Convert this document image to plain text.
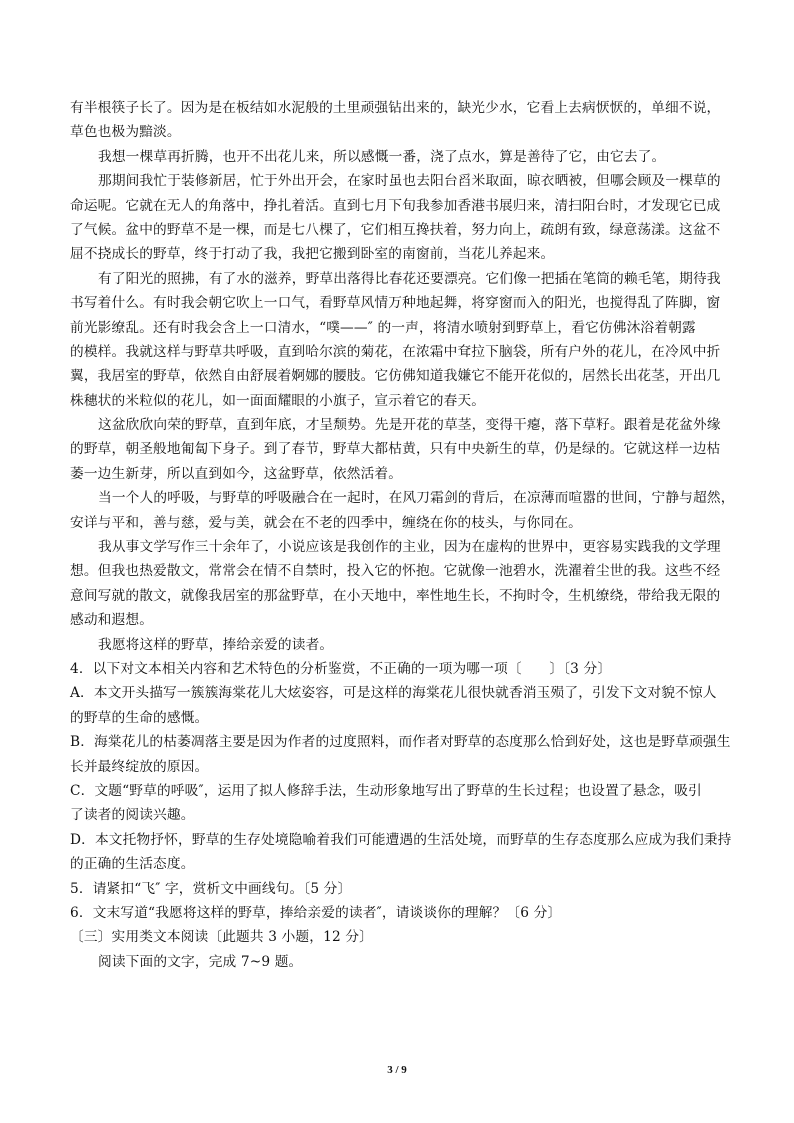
有半根筷子长了。因为是在板结如水泥般的土里顽强钻出来的，缺光少水，它看上去病恹恹的，单细不说，
草色也极为黯淡。
我想一棵草再折腾，也开不出花儿来，所以感慨一番，浇了点水，算是善待了它，由它去了。
那期间我忙于装修新居，忙于外出开会，在家时虽也去阳台舀米取面，晾衣晒被，但哪会顾及一棵草的
命运呢。它就在无人的角落中，挣扎着活。直到七月下旬我参加香港书展归来，清扫阳台时，才发现它已成
了气候。盆中的野草不是一棵，而是七八棵了，它们相互搀扶着，努力向上，疏朗有致，绿意荡漾。这盆不
屈不挠成长的野草，终于打动了我，我把它搬到卧室的南窗前，当花儿养起来。
有了阳光的照拂，有了水的滋养，野草出落得比春花还要漂亮。它们像一把插在笔筒的赖毛笔，期待我
书写着什么。有时我会朝它吹上一口气，看野草风情万种地起舞，将穿窗而入的阳光，也搅得乱了阵脚，窗
前光影缭乱。还有时我会含上一口清水，“噗——″ 的一声，将清水喷射到野草上，看它仿佛沐浴着朝露
的模样。我就这样与野草共呼吸，直到哈尔滨的菊花，在浓霜中耷拉下脑袋，所有户外的花儿，在冷风中折
翼，我居室的野草，依然自由舒展着婀娜的腰肢。它仿佛知道我嫌它不能开花似的，居然长出花茎，开出几
株穗状的米粒似的花儿，如一面面耀眼的小旗子，宣示着它的春天。
这盆欣欣向荣的野草，直到年底，才呈颓势。先是开花的草茎，变得干瘪，落下草籽。跟着是花盆外缘
的野草，朝圣般地匍匐下身子。到了春节，野草大都枯黄，只有中央新生的草，仍是绿的。它就这样一边枯
萎一边生新芽，所以直到如今，这盆野草，依然活着。
当一个人的呼吸，与野草的呼吸融合在一起时，在风刀霜剑的背后，在凉薄而喧嚣的世间，宁静与超然，
安详与平和，善与慈，爱与美，就会在不老的四季中，缠绕在你的枝头，与你同在。
我从事文学写作三十余年了，小说应该是我创作的主业，因为在虚构的世界中，更容易实践我的文学理
想。但我也热爱散文，常常会在情不自禁时，投入它的怀抱。它就像一池碧水，洗濯着尘世的我。这些不经
意间写就的散文，就像我居室的那盆野草，在小天地中，率性地生长，不拘时令，生机缭绕，带给我无限的
感动和遐想。
我愿将这样的野草，捧给亲爱的读者。
4．以下对文本相关内容和艺术特色的分析鉴赏，不正确的一项为哪一项〔　　〕〔3 分〕
A．本文开头描写一簇簇海棠花儿大炫姿容，可是这样的海棠花儿很快就香消玉殒了，引发下文对貌不惊人
的野草的生命的感慨。
B．海棠花儿的枯萎凋落主要是因为作者的过度照料，而作者对野草的态度那么恰到好处，这也是野草顽强生
长并最终绽放的原因。
C．文题“野草的呼吸″，运用了拟人修辞手法，生动形象地写出了野草的生长过程；也设置了悬念，吸引
了读者的阅读兴趣。
D．本文托物抒怀，野草的生存处境隐喻着我们可能遭遇的生活处境，而野草的生存态度那么应成为我们秉持
的正确的生活态度。
5．请紧扣“飞″ 字，赏析文中画线句。〔5 分〕
6．文末写道“我愿将这样的野草，捧给亲爱的读者″，请谈谈你的理解？〔6 分〕
〔三〕实用类文本阅读〔此题共 3 小题，12 分〕
阅读下面的文字，完成 7~9 题。
3 / 9
